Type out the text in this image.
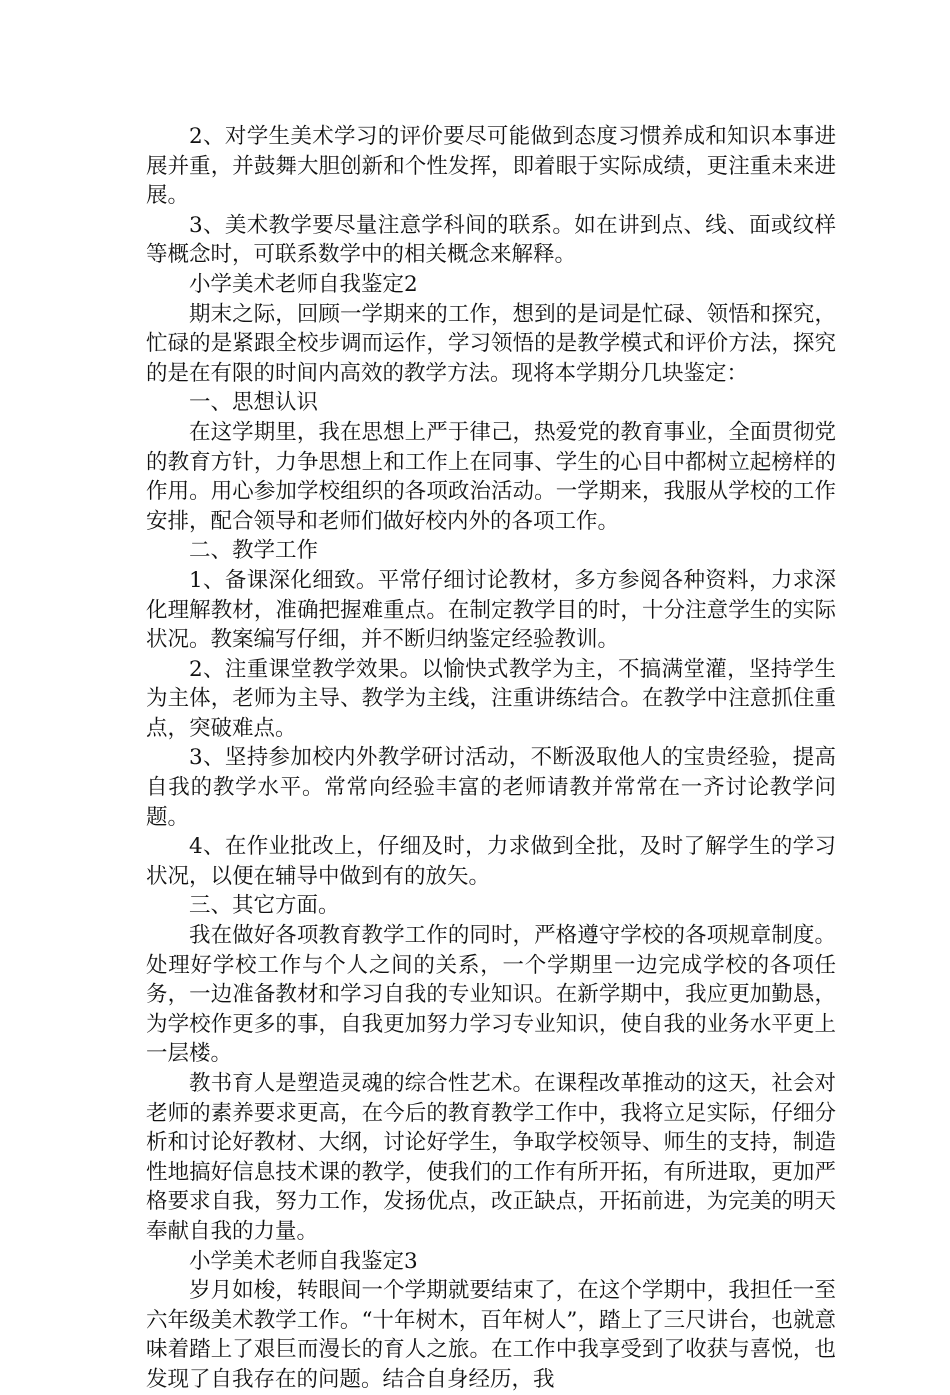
2、对学生美术学习的评价要尽可能做到态度习惯养成和知识本事进展并重，并鼓舞大胆创新和个性发挥，即着眼于实际成绩，更注重未来进展。

3、美术教学要尽量注意学科间的联系。如在讲到点、线、面或纹样等概念时，可联系数学中的相关概念来解释。

小学美术老师自我鉴定2

期末之际，回顾一学期来的工作，想到的是词是忙碌、领悟和探究，忙碌的是紧跟全校步调而运作，学习领悟的是教学模式和评价方法，探究的是在有限的时间内高效的教学方法。现将本学期分几块鉴定：

一、思想认识

在这学期里，我在思想上严于律己，热爱党的教育事业，全面贯彻党的教育方针，力争思想上和工作上在同事、学生的心目中都树立起榜样的作用。用心参加学校组织的各项政治活动。一学期来，我服从学校的工作安排，配合领导和老师们做好校内外的各项工作。

二、教学工作

1、备课深化细致。平常仔细讨论教材，多方参阅各种资料，力求深化理解教材，准确把握难重点。在制定教学目的时，十分注意学生的实际状况。教案编写仔细，并不断归纳鉴定经验教训。

2、注重课堂教学效果。以愉快式教学为主，不搞满堂灌，坚持学生为主体，老师为主导、教学为主线，注重讲练结合。在教学中注意抓住重点，突破难点。

3、坚持参加校内外教学研讨活动，不断汲取他人的宝贵经验，提高自我的教学水平。常常向经验丰富的老师请教并常常在一齐讨论教学问题。

4、在作业批改上，仔细及时，力求做到全批，及时了解学生的学习状况，以便在辅导中做到有的放矢。

三、其它方面。

我在做好各项教育教学工作的同时，严格遵守学校的各项规章制度。处理好学校工作与个人之间的关系，一个学期里一边完成学校的各项任务，一边准备教材和学习自我的专业知识。在新学期中，我应更加勤恳，为学校作更多的事，自我更加努力学习专业知识，使自我的业务水平更上一层楼。

教书育人是塑造灵魂的综合性艺术。在课程改革推动的这天，社会对老师的素养要求更高，在今后的教育教学工作中，我将立足实际，仔细分析和讨论好教材、大纲，讨论好学生，争取学校领导、师生的支持，制造性地搞好信息技术课的教学，使我们的工作有所开拓，有所进取，更加严格要求自我，努力工作，发扬优点，改正缺点，开拓前进，为完美的明天奉献自我的力量。

小学美术老师自我鉴定3

岁月如梭，转眼间一个学期就要结束了，在这个学期中，我担任一至六年级美术教学工作。“十年树木，百年树人”，踏上了三尺讲台，也就意味着踏上了艰巨而漫长的育人之旅。在工作中我享受到了收获与喜悦，也发现了自我存在的问题。结合自身经历，我
